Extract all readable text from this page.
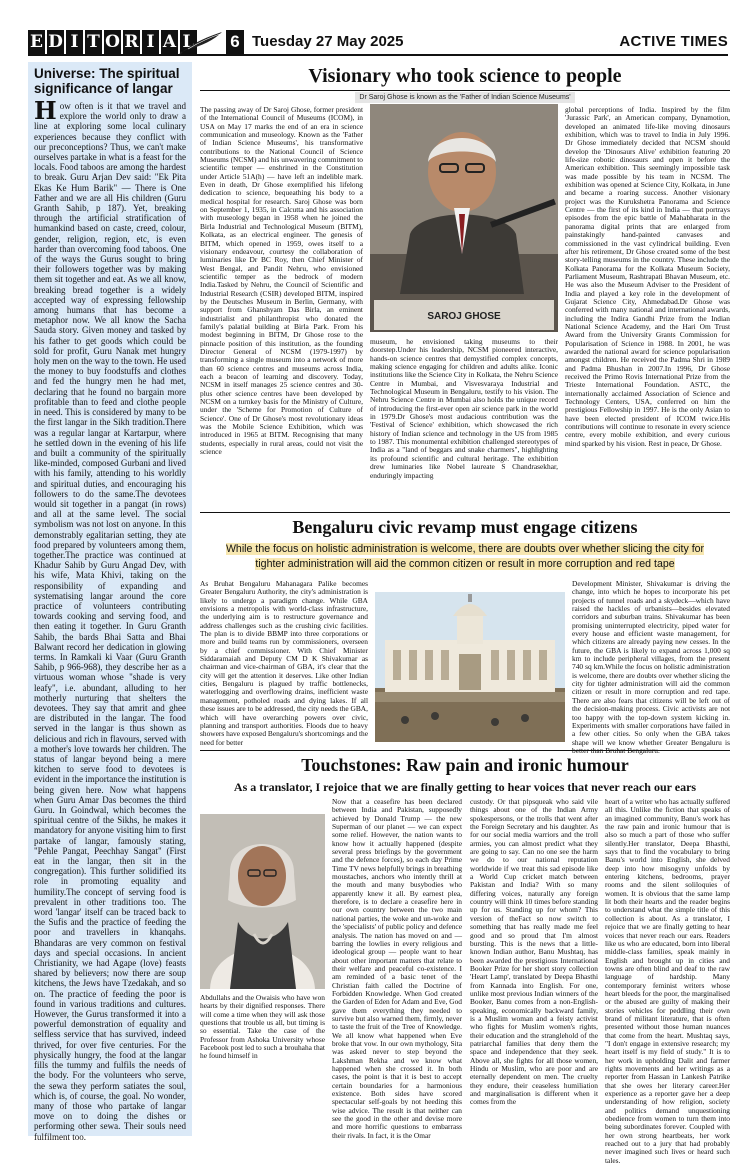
E D I T O R I A L 6 Tuesday 27 May 2025	ACTIVE TIMES
Universe: The spiritual significance of langar
How often is it that we travel and explore the world only to draw a line at exploring some local culinary experiences because they conflict with our preconceptions? Thus, we can't make ourselves partake in what is a feast for the locals. Food taboos are among the hardest to break. Guru Arjan Dev said: "Ek Pita Ekas Ke Hum Barik" — There is One Father and we are all His children (Guru Granth Sahib, p 187). Yet, breaking through the artificial stratification of humankind based on caste, creed, colour, gender, religion, region, etc, is even harder than overcoming food taboos. One of the ways the Gurus sought to bring their followers together was by making them sit together and eat. As we all know, breaking bread together is a widely accepted way of expressing fellowship among humans that has become a metaphor now. We all know the Sacha Sauda story. Given money and tasked by his father to get goods which could be sold for profit, Guru Nanak met hungry holy men on the way to the town. He used the money to buy foodstuffs and clothes and fed the hungry men he had met, declaring that he found no bargain more profitable than to feed and clothe people in need. This is considered by many to be the first langar in the Sikh tradition.There was a regular langar at Kartarpur, where he settled down in the evening of his life and built a community of the spiritually like-minded, composed Gurbani and lived with his family, attending to his worldly and spiritual duties, and encouraging his followers to do the same.The devotees would sit together in a pangat (in rows) and all at the same level. The social symbolism was not lost on anyone. In this demonstrably egalitarian setting, they ate food prepared by volunteers among them, together.The practice was continued at Khadur Sahib by Guru Angad Dev, with his wife, Mata Khivi, taking on the responsibility of expanding and systematising langar around the core practice of volunteers contributing towards cooking and serving food, and then eating it together. In Guru Granth Sahib, the bards Bhai Satta and Bhai Balwant record her dedication in glowing terms. In Ramkali ki Vaar (Guru Granth Sahib, p 966-968), they describe her as a virtuous woman whose "shade is very leafy", i.e. abundant, alluding to her motherly nurturing that shelters the devotees. They say that amrit and ghee are distributed in the langar. The food served in the langar is thus shown as delicious and rich in flavours, served with a mother's love towards her children. The status of langar beyond being a mere kitchen to serve food to devotees is evident in the importance the institution is being given here. Now what happens when Guru Amar Das becomes the third Guru. In Goindwal, which becomes the spiritual centre of the Sikhs, he makes it mandatory for anyone visiting him to first partake of langar, famously stating, "Pehle Pangat, Peechhay Sangat" (First eat in the langar, then sit in the congregation). This further solidified its role in promoting equality and humility.The concept of serving food is prevalent in other traditions too. The word 'langar' itself can be traced back to the Sufis and the practice of feeding the poor and travellers in khanqahs. Bhandaras are very common on festival days and special occasions. In ancient Christianity, we had Agape (love) feasts shared by believers; now there are soup kitchens, the Jews have Tzedakah, and so on. The practice of feeding the poor is found in various traditions and cultures. However, the Gurus transformed it into a powerful demonstration of equality and selfless service that has survived, indeed thrived, for over five centuries. For the physically hungry, the food at the langar fills the tummy and fulfils the needs of the body. For the volunteers who serve, the sewa they perform satiates the soul, which is, of course, the goal. No wonder, many of those who partake of langar move on to doing the dishes or performing other sewa. Their souls need fulfilment too.
Visionary who took science to people
Dr Saroj Ghose is known as the 'Father of Indian Science Museums'
The passing away of Dr Saroj Ghose, former president of the International Council of Museums (ICOM), in USA on May 17 marks the end of an era in science communication and museology. Known as the 'Father of Indian Science Museums', his transformative contributions to the National Council of Science Museums (NCSM) and his unwavering commitment to scientific temper — enshrined in the Constitution under Article 51A(h) — have left an indelible mark. Even in death, Dr Ghose exemplified his lifelong dedication to science, bequeathing his body to a medical hospital for research. Saroj Ghose was born on September 1, 1935, in Calcutta and his association with museology began in 1958 when he joined the Birla Industrial and Technological Museum (BITM), Kolkata, as an electrical engineer. The genesis of BITM, which opened in 1959, owes itself to a visionary endeavour, courtesy the collaboration of luminaries like Dr BC Roy, then Chief Minister of West Bengal, and Pandit Nehru, who envisioned scientific temper as the bedrock of modern India.Tasked by Nehru, the Council of Scientific and Industrial Research (CSIR) developed BITM, inspired by the Deutsches Museum in Berlin, Germany, with support from Ghanshyam Das Birla, an eminent industrialist and philanthropist who donated the family's palatial building at Birla Park. From his modest beginning in BITM, Dr Ghose rose to the pinnacle position of this institution, as the founding Director General of NCSM (1979-1997) by transforming a single museum into a network of more than 60 science centres and museums across India, each a beacon of learning and discovery. Today, NCSM in itself manages 25 science centres and 30-plus other science centres have been developed by NCSM on a turnkey basis for the Ministry of Culture, under the 'Scheme for Promotion of Culture of Science'. One of Dr Ghose's most revolutionary ideas was the Mobile Science Exhibition, which was introduced in 1965 at BITM. Recognising that many students, especially in rural areas, could not visit the science
SAROJ GHOSE
museum, he envisioned taking museums to their doorstep.Under his leadership, NCSM pioneered interactive, hands-on science centres that demystified complex concepts, making science engaging for children and adults alike. Iconic institutions like the Science City in Kolkata, the Nehru Science Centre in Mumbai, and Visvesvaraya Industrial and Technological Museum in Bengaluru, testify to his vision. The Nehru Science Centre in Mumbai also holds the unique record of introducing the first-ever open air science park in the world in 1979.Dr Ghose's most audacious contribution was the 'Festival of Science' exhibition, which showcased the rich history of Indian science and technology in the US from 1985 to 1987. This monumental exhibition challenged stereotypes of India as a "land of beggars and snake charmers", highlighting its profound scientific and cultural heritage. The exhibition drew luminaries like Nobel laureate S Chandrasekhar, enduringly impacting
global perceptions of India. Inspired by the film 'Jurassic Park', an American company, Dynamotion, developed an animated life-like moving dinosaurs exhibition, which was to travel to India in July 1996. Dr Ghose immediately decided that NCSM should develop the 'Dinosaurs Alive' exhibition featuring 20 life-size robotic dinosaurs and open it before the American exhibition. This seemingly impossible task was made possible by his team in NCSM. The exhibition was opened at Science City, Kolkata, in June and became a roaring success. Another visionary project was the Kurukshetra Panorama and Science Centre — the first of its kind in India — that portrays episodes from the epic battle of Mahabharata in the panorama digital prints that are enlarged from painstakingly hand-painted canvases and commissioned in the vast cylindrical building. Even after his retirement, Dr Ghose created some of the best story-telling museums in the country. These include the Kolkata Panorama for the Kolkata Museum Society, Parliament Museum, Rashtrapati Bhavan Museum, etc. He was also the Museum Adviser to the President of India and played a key role in the development of Gujarat Science City, Ahmedabad.Dr Ghose was conferred with many national and international awards, including the Indira Gandhi Prize from the Indian National Science Academy, and the Hari Om Trust Award from the University Grants Commission for Popularisation of Science in 1988. In 2001, he was awarded the national award for science popularisation amongst children. He received the Padma Shri in 1989 and Padma Bhushan in 2007.In 1996, Dr Ghose received the Primo Rovis International Prize from the Trieste International Foundation. ASTC, the internationally acclaimed Association of Science and Technology Centers, USA, conferred on him the prestigious Fellowship in 1997. He is the only Asian to have been elected president of ICOM twice.His contributions will continue to resonate in every science centre, every mobile exhibition, and every curious mind sparked by his vision. Rest in peace, Dr Ghose.
Bengaluru civic revamp must engage citizens
While the focus on holistic administration is welcome, there are doubts over whether slicing the city for tighter administration will aid the common citizen or result in more corruption and red tape
As Bruhat Bengaluru Mahanagara Palike becomes Greater Bengaluru Authority, the city's administration is likely to undergo a paradigm change. While GBA envisions a metropolis with world-class infrastructure, the underlying aim is to restructure governance and address challenges such as the crushing civic facilities. The plan is to divide BBMP into three corporations or more and build teams run by commissioners, overseen by a chief commissioner. With Chief Minister Siddaramaiah and Deputy CM D K Shivakumar as chairman and vice-chairman of GBA, it's clear that the city will get the attention it deserves. Like other Indian cities, Bengaluru is plagued by traffic bottlenecks, waterlogging and overflowing drains, inefficient waste management, potholed roads and dying lakes. If all these issues are to be addressed, the city needs the GBA, which will have overarching powers over civic, planning and transport authorities. Floods due to heavy showers have exposed Bengaluru's shortcomings and the need for better
Development Minister, Shivakumar is driving the change, into which he hopes to incorporate his pet projects of tunnel roads and a skydeck—which have raised the hackles of urbanists—besides elevated corridors and suburban trains. Shivakumar has been promising uninterrupted electricity, piped water for every house and efficient waste management, for which citizens are already paying new cesses. In the future, the GBA is likely to expand across 1,000 sq km to include peripheral villages, from the present 740 sq km.While the focus on holistic administration is welcome, there are doubts over whether slicing the city for tighter administration will aid the common citizen or result in more corruption and red tape. There are also fears that citizens will be left out of the decision-making process. Civic activists are not too happy with the top-down system kicking in. Experiments with smaller corporations have failed in a few other cities. So only when the GBA takes shape will we know whether Greater Bengaluru is
Touchstones: Raw pain and ironic humour
As a translator, I rejoice that we are finally getting to hear voices that never reach our ears
Abdullahs and the Owaisis who have won hearts by their dignified responses. There will come a time when they will ask those questions that trouble us all, but timing is so essential. Take the case of the Professor from Ashoka University whose Facebook post led to such a brouhaha that he found himself in
Now that a ceasefire has been declared between India and Pakistan, supposedly achieved by Donald Trump — the new Superman of our planet — we can expect some relief. However, the nation wants to know how it actually happened (despite several press briefings by the government and the defence forces), so each day Prime Time TV news helpfully brings in breathing moustaches, anchors who intently thrill at the mouth and many busybodies who apparently knew it all. By earnest plea, therefore, is to declare a ceasefire here in our own country between the two main national parties, the woke and un-woke and the 'specialists' of public policy and defence analysis. The nation has moved on and — barring the lowlies in every religious and ideological group — people want to hear about other important matters that relate to their welfare and peaceful co-existence. I am reminded of a basic tenet of the Christian faith called the Doctrine of Forbidden Knowledge. When God created the Garden of Eden for Adam and Eve, God gave them everything they needed to survive but also warned them, firmly, never to taste the fruit of the Tree of Knowledge. We all know what happened when Eve broke that vow. In our own mythology, Sita was asked never to step beyond the Lakshman Rekha and we know what happened when she crossed it. In both cases, the point is that it is best to accept certain boundaries for a harmonious existence. Both sides have scored spectacular self-goals by not heeding this wise advice. The result is that neither can see the good in the other and devise more and more horrific questions to embarrass their rivals. In fact, it is the Omar
custody. Or that pipsqueak who said vile things about one of the Indian Army spokespersons, or the trolls that went after the Foreign Secretary and his daughter. As for our social media warriors and the troll armies, you can almost predict what they are going to say. Can no one see the harm we do to our national reputation worldwide if we treat this sad episode like a World Cup cricket match between Pakistan and India? With so many differing voices, naturally any foreign country will think 10 times before standing up for us. Standing up for whom? This version of theFact so now switch to something that has really made me feel good and so proud that I'm almost bursting. This is the news that a little-known Indian author, Banu Mushtaq, has been awarded the prestigious International Booker Prize for her short story collection 'Heart Lamp', translated by Deepa Bhasthi from Kannada into English. For one, unlike most previous Indian winners of the Booker, Banu comes from a non-English-speaking, economically backward family, is a Muslim woman and a feisty activist who fights for Muslim women's rights, their education and the stranglehold of the patriarchal families that deny them the space and independence that they seek. Above all, she fights for all those women, Hindu or Muslim, who are poor and are eternally dependent on men. The cruelty they endure, their ceaseless humiliation and marginalisation is different when it comes from the
heart of a writer who has actually suffered all this. Unlike the fiction that speaks of an imagined community, Banu's work has the raw pain and ironic humour that is also so much a part of those who suffer silently.Her translator, Deepa Bhasthi, says that to find the vocabulary to bring Banu's world into English, she delved deep into how misogyny unfolds by entering kitchens, bedrooms, prayer rooms and the silent soliloquies of women. It is obvious that the same lamp lit both their hearts and the reader begins to understand what the simple title of this collection is about. As a translator, I rejoice that we are finally getting to hear voices that never reach our ears. Readers like us who are educated, born into liberal middle-class families, speak mainly in English and brought up in cities and towns are often blind and deaf to the raw language of hardship. Many contemporary feminist writers whose heart bleeds for the poor, the marginalised or the abused are guilty of making their stories vehicles for peddling their own brand of militant literature, that is often presented without those human nuances that come from the heart. Mushtaq says, "I don't engage in extensive research; my heart itself is my field of study." It is to her work in upholding Dalit and farmer rights movements and her writings as a reporter from Hassan in Lankesh Patrike that she owes her literary career.Her experience as a reporter gave her a deep understanding of how religion, society and politics demand unquestioning obedience from women to turn them into being subordinates forever. Coupled with her own strong heartbeats, her work reached out to a jury that had probably never imagined such lives or heard such tales.
